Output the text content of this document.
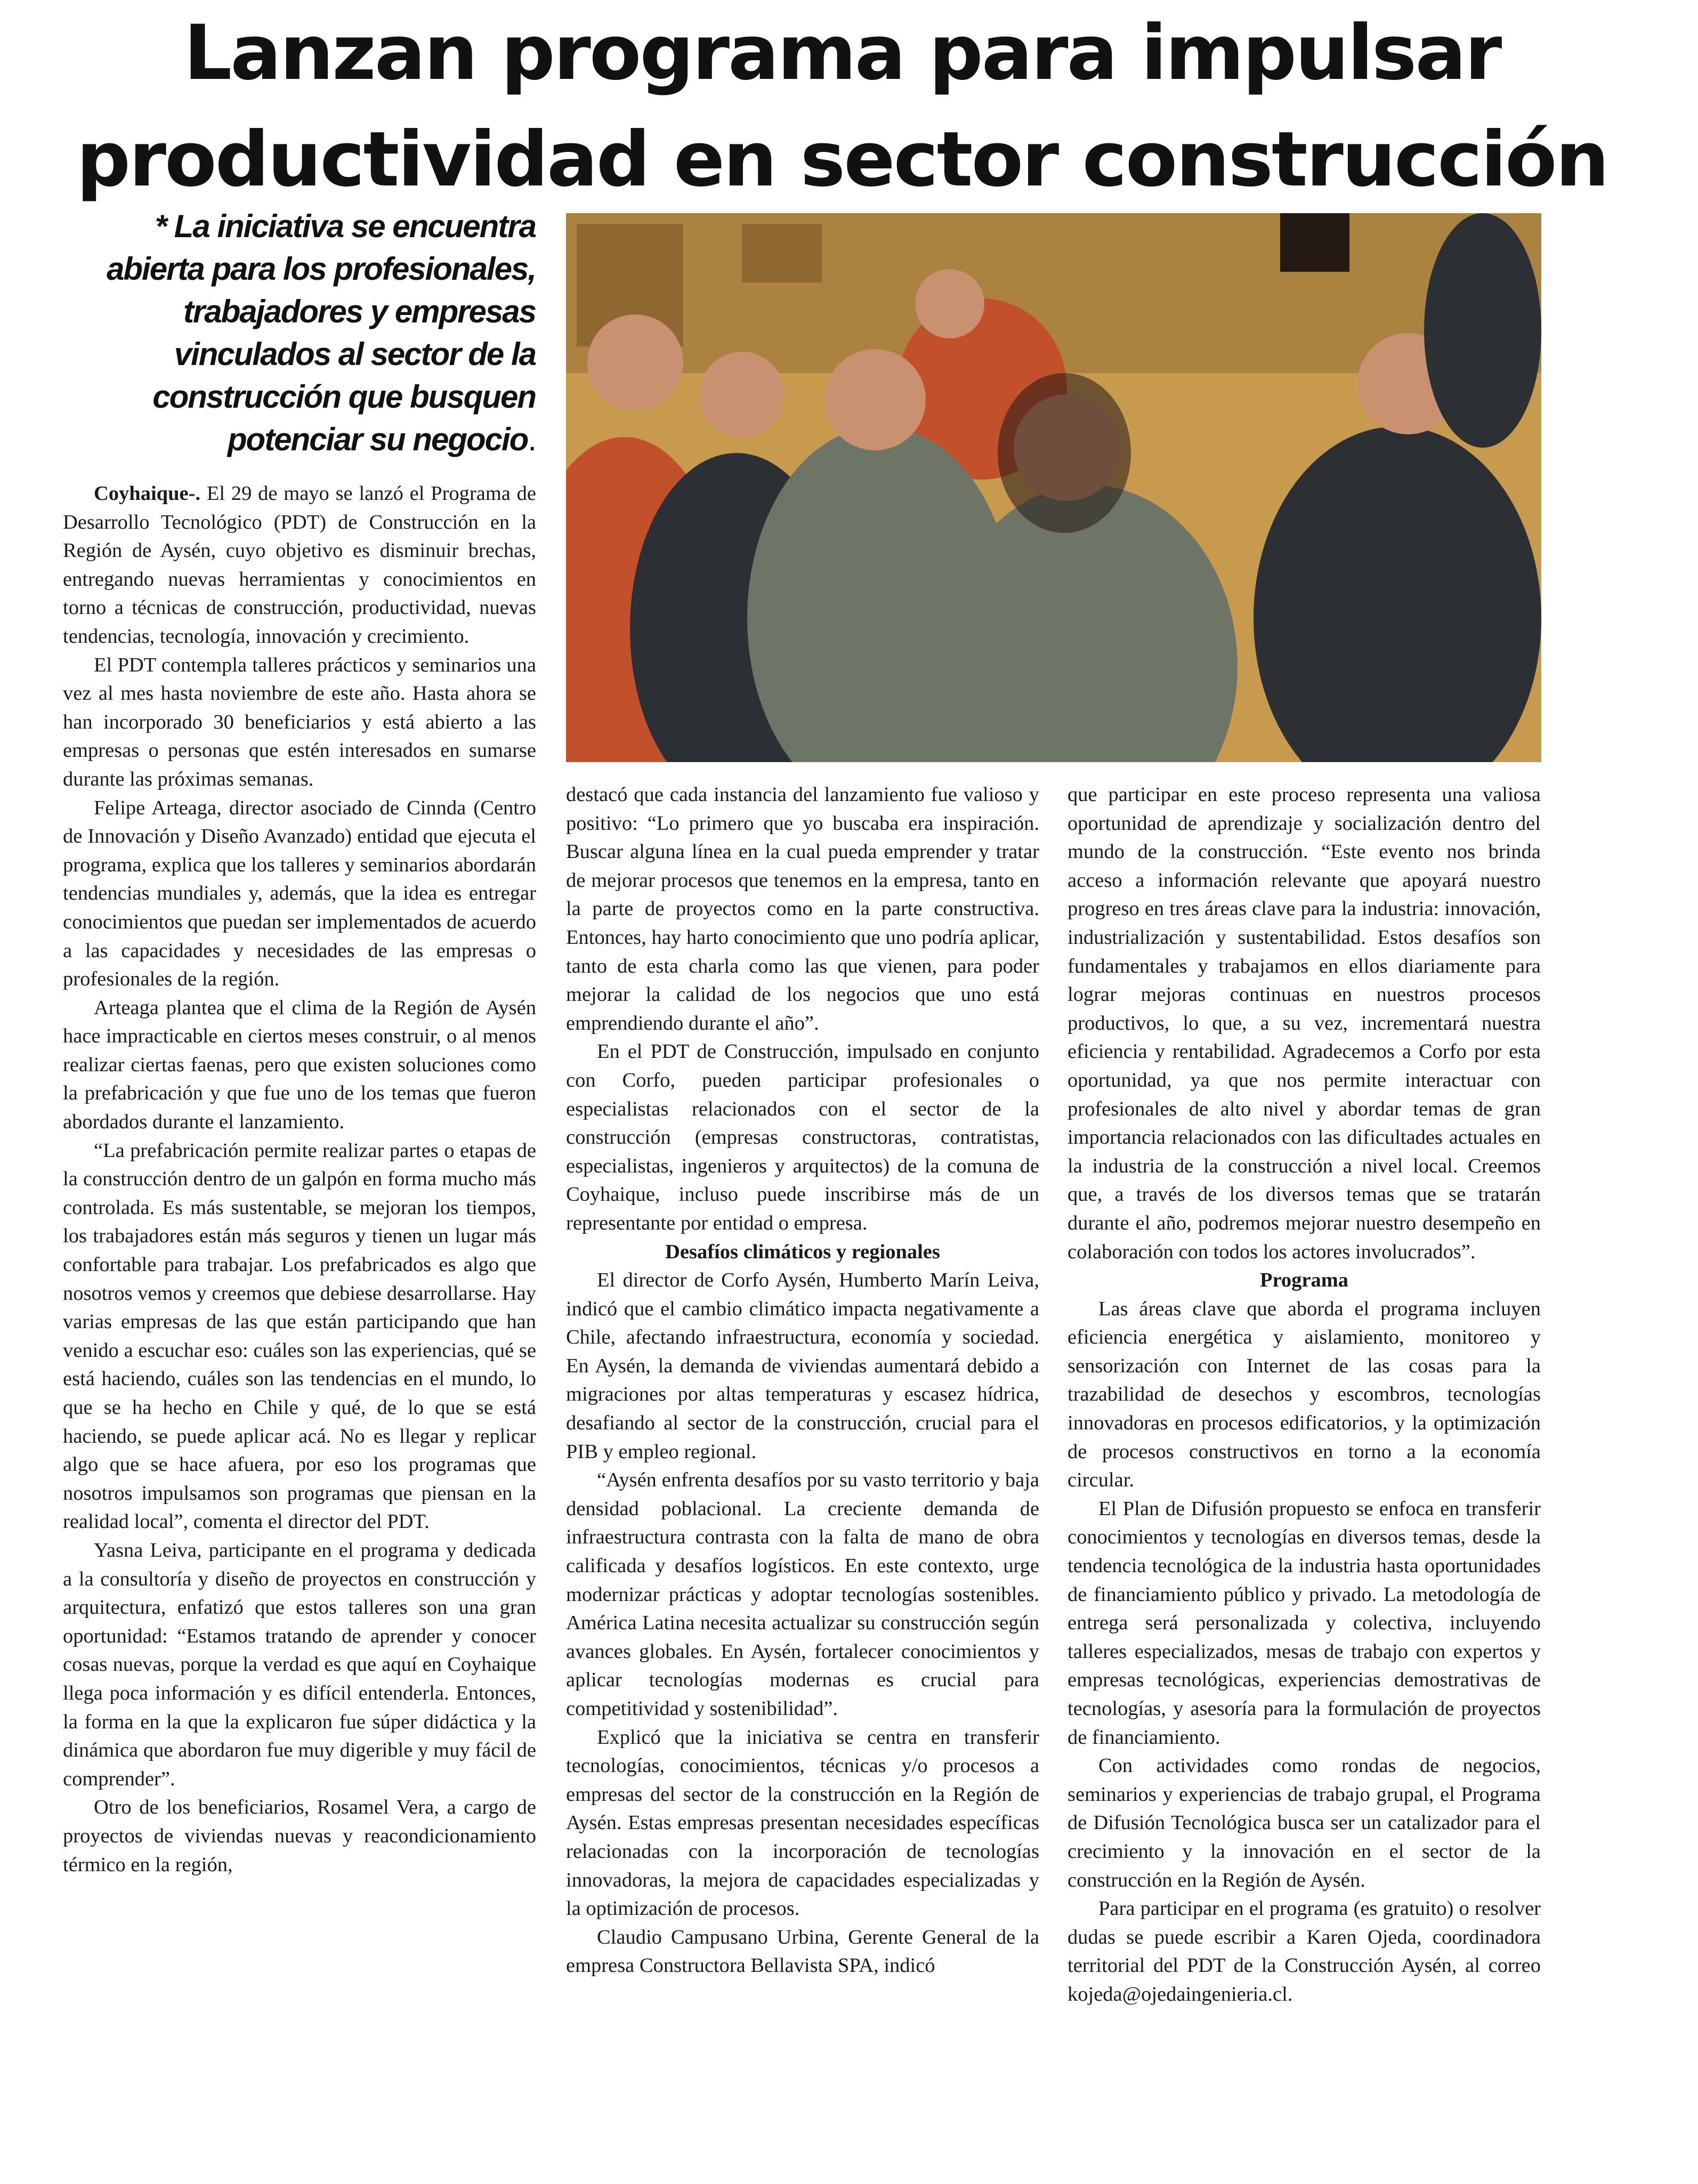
Lanzan programa para impulsar
productividad en sector construcción

* La iniciativa se encuentra abierta para los profesionales, trabajadores y empresas vinculados al sector de la construcción que busquen potenciar su negocio.

Coyhaique-. El 29 de mayo se lanzó el Programa de Desarrollo Tecnológico (PDT) de Construcción en la Región de Aysén, cuyo objetivo es disminuir brechas, entregando nuevas herramientas y conocimientos en torno a técnicas de construcción, productividad, nuevas tendencias, tecnología, innovación y crecimiento.

El PDT contempla talleres prácticos y seminarios una vez al mes hasta noviembre de este año. Hasta ahora se han incorporado 30 beneficiarios y está abierto a las empresas o personas que estén interesados en sumarse durante las próximas semanas.

Felipe Arteaga, director asociado de Cinnda (Centro de Innovación y Diseño Avanzado) entidad que ejecuta el programa, explica que los talleres y seminarios abordarán tendencias mundiales y, además, que la idea es entregar conocimientos que puedan ser implementados de acuerdo a las capacidades y necesidades de las empresas o profesionales de la región.

Arteaga plantea que el clima de la Región de Aysén hace impracticable en ciertos meses construir, o al menos realizar ciertas faenas, pero que existen soluciones como la prefabricación y que fue uno de los temas que fueron abordados durante el lanzamiento.

“La prefabricación permite realizar partes o etapas de la construcción dentro de un galpón en forma mucho más controlada. Es más sustentable, se mejoran los tiempos, los trabajadores están más seguros y tienen un lugar más confortable para trabajar. Los prefabricados es algo que nosotros vemos y creemos que debiese desarrollarse. Hay varias empresas de las que están participando que han venido a escuchar eso: cuáles son las experiencias, qué se está haciendo, cuáles son las tendencias en el mundo, lo que se ha hecho en Chile y qué, de lo que se está haciendo, se puede aplicar acá. No es llegar y replicar algo que se hace afuera, por eso los programas que nosotros impulsamos son programas que piensan en la realidad local”, comenta el director del PDT.

Yasna Leiva, participante en el programa y dedicada a la consultoría y diseño de proyectos en construcción y arquitectura, enfatizó que estos talleres son una gran oportunidad: “Estamos tratando de aprender y conocer cosas nuevas, porque la verdad es que aquí en Coyhaique llega poca información y es difícil entenderla. Entonces, la forma en la que la explicaron fue súper didáctica y la dinámica que abordaron fue muy digerible y muy fácil de comprender”.

Otro de los beneficiarios, Rosamel Vera, a cargo de proyectos de viviendas nuevas y reacondicionamiento térmico en la región,

destacó que cada instancia del lanzamiento fue valioso y positivo: “Lo primero que yo buscaba era inspiración. Buscar alguna línea en la cual pueda emprender y tratar de mejorar procesos que tenemos en la empresa, tanto en la parte de proyectos como en la parte constructiva. Entonces, hay harto conocimiento que uno podría aplicar, tanto de esta charla como las que vienen, para poder mejorar la calidad de los negocios que uno está emprendiendo durante el año”.

En el PDT de Construcción, impulsado en conjunto con Corfo, pueden participar profesionales o especialistas relacionados con el sector de la construcción (empresas constructoras, contratistas, especialistas, ingenieros y arquitectos) de la comuna de Coyhaique, incluso puede inscribirse más de un representante por entidad o empresa.

Desafíos climáticos y regionales

El director de Corfo Aysén, Humberto Marín Leiva, indicó que el cambio climático impacta negativamente a Chile, afectando infraestructura, economía y sociedad. En Aysén, la demanda de viviendas aumentará debido a migraciones por altas temperaturas y escasez hídrica, desafiando al sector de la construcción, crucial para el PIB y empleo regional.

“Aysén enfrenta desafíos por su vasto territorio y baja densidad poblacional. La creciente demanda de infraestructura contrasta con la falta de mano de obra calificada y desafíos logísticos. En este contexto, urge modernizar prácticas y adoptar tecnologías sostenibles. América Latina necesita actualizar su construcción según avances globales. En Aysén, fortalecer conocimientos y aplicar tecnologías modernas es crucial para competitividad y sostenibilidad”.

Explicó que la iniciativa se centra en transferir tecnologías, conocimientos, técnicas y/o procesos a empresas del sector de la construcción en la Región de Aysén. Estas empresas presentan necesidades específicas relacionadas con la incorporación de tecnologías innovadoras, la mejora de capacidades especializadas y la optimización de procesos.

Claudio Campusano Urbina, Gerente General de la empresa Constructora Bellavista SPA, indicó

que participar en este proceso representa una valiosa oportunidad de aprendizaje y socialización dentro del mundo de la construcción. “Este evento nos brinda acceso a información relevante que apoyará nuestro progreso en tres áreas clave para la industria: innovación, industrialización y sustentabilidad. Estos desafíos son fundamentales y trabajamos en ellos diariamente para lograr mejoras continuas en nuestros procesos productivos, lo que, a su vez, incrementará nuestra eficiencia y rentabilidad. Agradecemos a Corfo por esta oportunidad, ya que nos permite interactuar con profesionales de alto nivel y abordar temas de gran importancia relacionados con las dificultades actuales en la industria de la construcción a nivel local. Creemos que, a través de los diversos temas que se tratarán durante el año, podremos mejorar nuestro desempeño en colaboración con todos los actores involucrados”.

Programa

Las áreas clave que aborda el programa incluyen eficiencia energética y aislamiento, monitoreo y sensorización con Internet de las cosas para la trazabilidad de desechos y escombros, tecnologías innovadoras en procesos edificatorios, y la optimización de procesos constructivos en torno a la economía circular.

El Plan de Difusión propuesto se enfoca en transferir conocimientos y tecnologías en diversos temas, desde la tendencia tecnológica de la industria hasta oportunidades de financiamiento público y privado. La metodología de entrega será personalizada y colectiva, incluyendo talleres especializados, mesas de trabajo con expertos y empresas tecnológicas, experiencias demostrativas de tecnologías, y asesoría para la formulación de proyectos de financiamiento.

Con actividades como rondas de negocios, seminarios y experiencias de trabajo grupal, el Programa de Difusión Tecnológica busca ser un catalizador para el crecimiento y la innovación en el sector de la construcción en la Región de Aysén.

Para participar en el programa (es gratuito) o resolver dudas se puede escribir a Karen Ojeda, coordinadora territorial del PDT de la Construcción Aysén, al correo kojeda@ojedaingenieria.cl.
